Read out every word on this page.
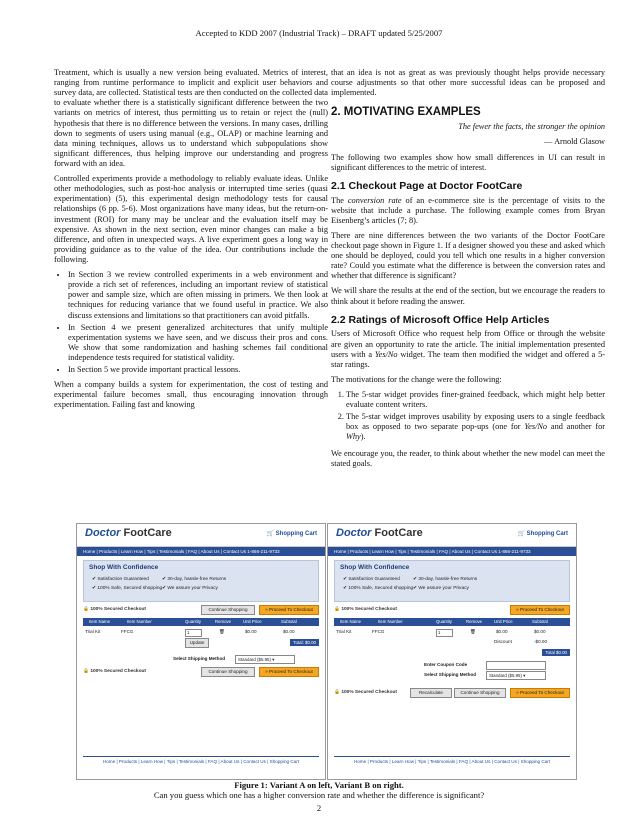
Accepted to KDD 2007 (Industrial Track) – DRAFT updated 5/25/2007

Treatment, which is usually a new version being evaluated. Metrics of interest, ranging from runtime performance to implicit and explicit user behaviors and survey data, are collected. Statistical tests are then conducted on the collected data to evaluate whether there is a statistically significant difference between the two variants on metrics of interest, thus permitting us to retain or reject the (null) hypothesis that there is no difference between the versions. In many cases, drilling down to segments of users using manual (e.g., OLAP) or machine learning and data mining techniques, allows us to understand which subpopulations show significant differences, thus helping improve our understanding and progress forward with an idea.

Controlled experiments provide a methodology to reliably evaluate ideas. Unlike other methodologies, such as post-hoc analysis or interrupted time series (quasi experimentation) (5), this experimental design methodology tests for causal relationships (6 pp. 5-6). Most organizations have many ideas, but the return-on-investment (ROI) for many may be unclear and the evaluation itself may be expensive. As shown in the next section, even minor changes can make a big difference, and often in unexpected ways. A live experiment goes a long way in providing guidance as to the value of the idea. Our contributions include the following.

• In Section 3 we review controlled experiments in a web environment and provide a rich set of references, including an important review of statistical power and sample size, which are often missing in primers. We then look at techniques for reducing variance that we found useful in practice. We also discuss extensions and limitations so that practitioners can avoid pitfalls.
• In Section 4 we present generalized architectures that unify multiple experimentation systems we have seen, and we discuss their pros and cons. We show that some randomization and hashing schemes fail conditional independence tests required for statistical validity.
• In Section 5 we provide important practical lessons.

When a company builds a system for experimentation, the cost of testing and experimental failure becomes small, thus encouraging innovation through experimentation. Failing fast and knowing

that an idea is not as great as was previously thought helps provide necessary course adjustments so that other more successful ideas can be proposed and implemented.

2. MOTIVATING EXAMPLES

The fewer the facts, the stronger the opinion

— Arnold Glasow

The following two examples show how small differences in UI can result in significant differences to the metric of interest.

2.1 Checkout Page at Doctor FootCare

The conversion rate of an e-commerce site is the percentage of visits to the website that include a purchase. The following example comes from Bryan Eisenberg’s articles (7; 8).

There are nine differences between the two variants of the Doctor FootCare checkout page shown in Figure 1. If a designer showed you these and asked which one should be deployed, could you tell which one results in a higher conversion rate? Could you estimate what the difference is between the conversion rates and whether that difference is significant?

We will share the results at the end of the section, but we encourage the readers to think about it before reading the answer.

2.2 Ratings of Microsoft Office Help Articles

Users of Microsoft Office who request help from Office or through the website are given an opportunity to rate the article. The initial implementation presented users with a Yes/No widget. The team then modified the widget and offered a 5-star ratings.

The motivations for the change were the following:

1. The 5-star widget provides finer-grained feedback, which might help better evaluate content writers.
2. The 5-star widget improves usability by exposing users to a single feedback box as opposed to two separate pop-ups (one for Yes/No and another for Why).

We encourage you, the reader, to think about whether the new model can meet the stated goals.

Doctor FootCare	🛒 Shopping Cart
Home | Products | Learn How | Tips | Testimonials | FAQ | About Us | Contact Us 1-866-211-9733
Shop With Confidence
✔ Satisfaction Guaranteed	✔ 30-day, hassle-free Returns
✔ 100% Safe, Secured shopping ✔ We assure your Privacy
🔒 100% Secured Checkout	Continue Shopping	» Proceed To Checkout
Item Name	Item Number	Quantity	Remove	Unit Price	Subtotal
Trial Kit	FFCG	1	🗑	$0.00	$0.00
Update	Total: $0.00
Select Shipping Method	Standard ($5.95) ▾
🔒 100% Secured Checkout	Continue Shopping	» Proceed To Checkout
Home | Products | Learn How | Tips | Testimonials | FAQ | About Us | Contact Us | Shopping Cart
Doctor FootCare	🛒 Shopping Cart
Home | Products | Learn How | Tips | Testimonials | FAQ | About Us | Contact Us 1-866-211-9733
Shop With Confidence
✔ Satisfaction Guaranteed	✔ 30-day, hassle-free Returns
✔ 100% Safe, Secured shopping ✔ We assure your Privacy
🔒 100% Secured Checkout	» Proceed To Checkout
Item Name	Item Number	Quantity	Remove	Unit Price	Subtotal
Trial Kit	FFCG	1	🗑	$0.00	$0.00
Discount	-$0.00
Total $0.00
Enter Coupon Code
Select Shipping Method	Standard ($5.95) ▾
🔒 100% Secured Checkout	Recalculate	Continue Shopping	» Proceed To Checkout
Home | Products | Learn How | Tips | Testimonials | FAQ | About Us | Contact Us | Shopping Cart
Figure 1: Variant A on left, Variant B on right.
Can you guess which one has a higher conversion rate and whether the difference is significant?
2
